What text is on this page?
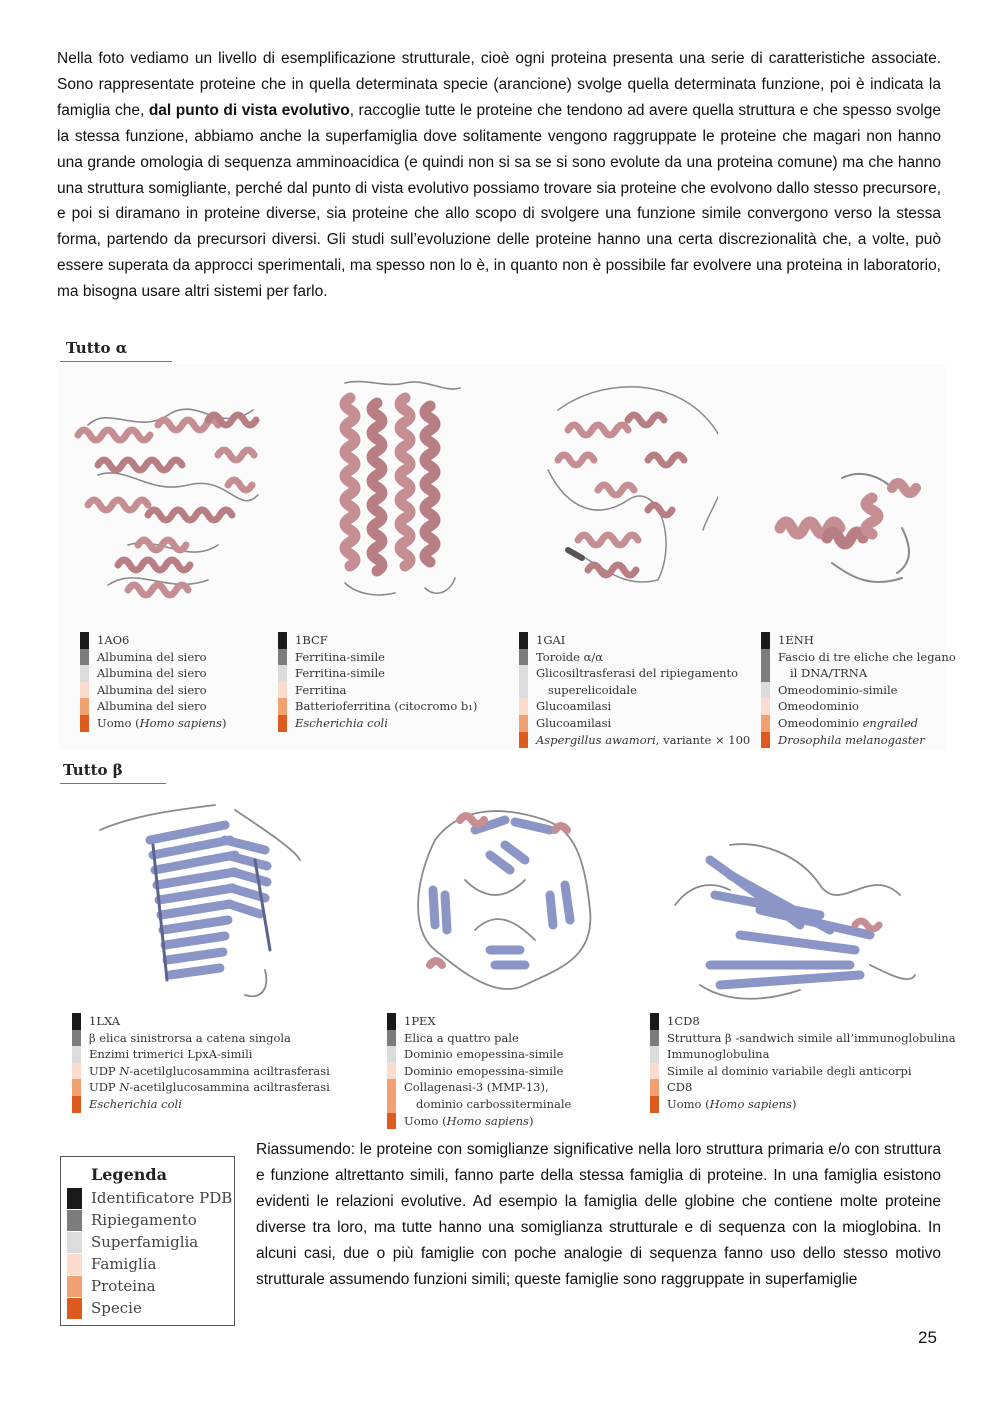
Nella foto vediamo un livello di esemplificazione strutturale, cioè ogni proteina presenta una serie di caratteristiche associate. Sono rappresentate proteine che in quella determinata specie (arancione) svolge quella determinata funzione, poi è indicata la famiglia che, dal punto di vista evolutivo, raccoglie tutte le proteine che tendono ad avere quella struttura e che spesso svolge la stessa funzione, abbiamo anche la superfamiglia dove solitamente vengono raggruppate le proteine che magari non hanno una grande omologia di sequenza amminoacidica (e quindi non si sa se si sono evolute da una proteina comune) ma che hanno una struttura somigliante, perché dal punto di vista evolutivo possiamo trovare sia proteine che evolvono dallo stesso precursore, e poi si diramano in proteine diverse, sia proteine che allo scopo di svolgere una funzione simile convergono verso la stessa forma, partendo da precursori diversi. Gli studi sull’evoluzione delle proteine hanno una certa discrezionalità che, a volte, può essere superata da approcci sperimentali, ma spesso non lo è, in quanto non è possibile far evolvere una proteina in laboratorio, ma bisogna usare altri sistemi per farlo.

Tutto α
1AO6
Albumina del siero
Albumina del siero
Albumina del siero
Albumina del siero
Uomo (Homo sapiens)
1BCF
Ferritina-simile
Ferritina-simile
Ferritina
Batterioferritina (citocromo b₁)
Escherichia coli
1GAI
Toroide α/α
Glicosiltrasferasi del ripiegamento
superelicoidale
Glucoamilasi
Glucoamilasi
Aspergillus awamori, variante × 100
1ENH
Fascio di tre eliche che legano
il DNA/TRNA
Omeodominio-simile
Omeodominio
Omeodominio engrailed
Drosophila melanogaster
Tutto β
1LXA
β elica sinistrorsa a catena singola
Enzimi trimerici LpxA-simili
UDP N-acetilglucosammina aciltrasferasi
UDP N-acetilglucosammina aciltrasferasi
Escherichia coli
1PEX
Elica a quattro pale
Dominio emopessina-simile
Dominio emopessina-simile
Collagenasi-3 (MMP-13),
dominio carbossiterminale
Uomo (Homo sapiens)
1CD8
Struttura β -sandwich simile all’immunoglobulina
Immunoglobulina
Simile al dominio variabile degli anticorpi
CD8
Uomo (Homo sapiens)
Legenda
Identificatore PDB
Ripiegamento
Superfamiglia
Famiglia
Proteina
Specie

Riassumendo: le proteine con somiglianze significative nella loro struttura primaria e/o con struttura e funzione altrettanto simili, fanno parte della stessa famiglia di proteine. In una famiglia esistono evidenti le relazioni evolutive. Ad esempio la famiglia delle globine che contiene molte proteine diverse tra loro, ma tutte hanno una somiglianza strutturale e di sequenza con la mioglobina. In alcuni casi, due o più famiglie con poche analogie di sequenza fanno uso dello stesso motivo strutturale assumendo funzioni simili; queste famiglie sono raggruppate in superfamiglie

25
